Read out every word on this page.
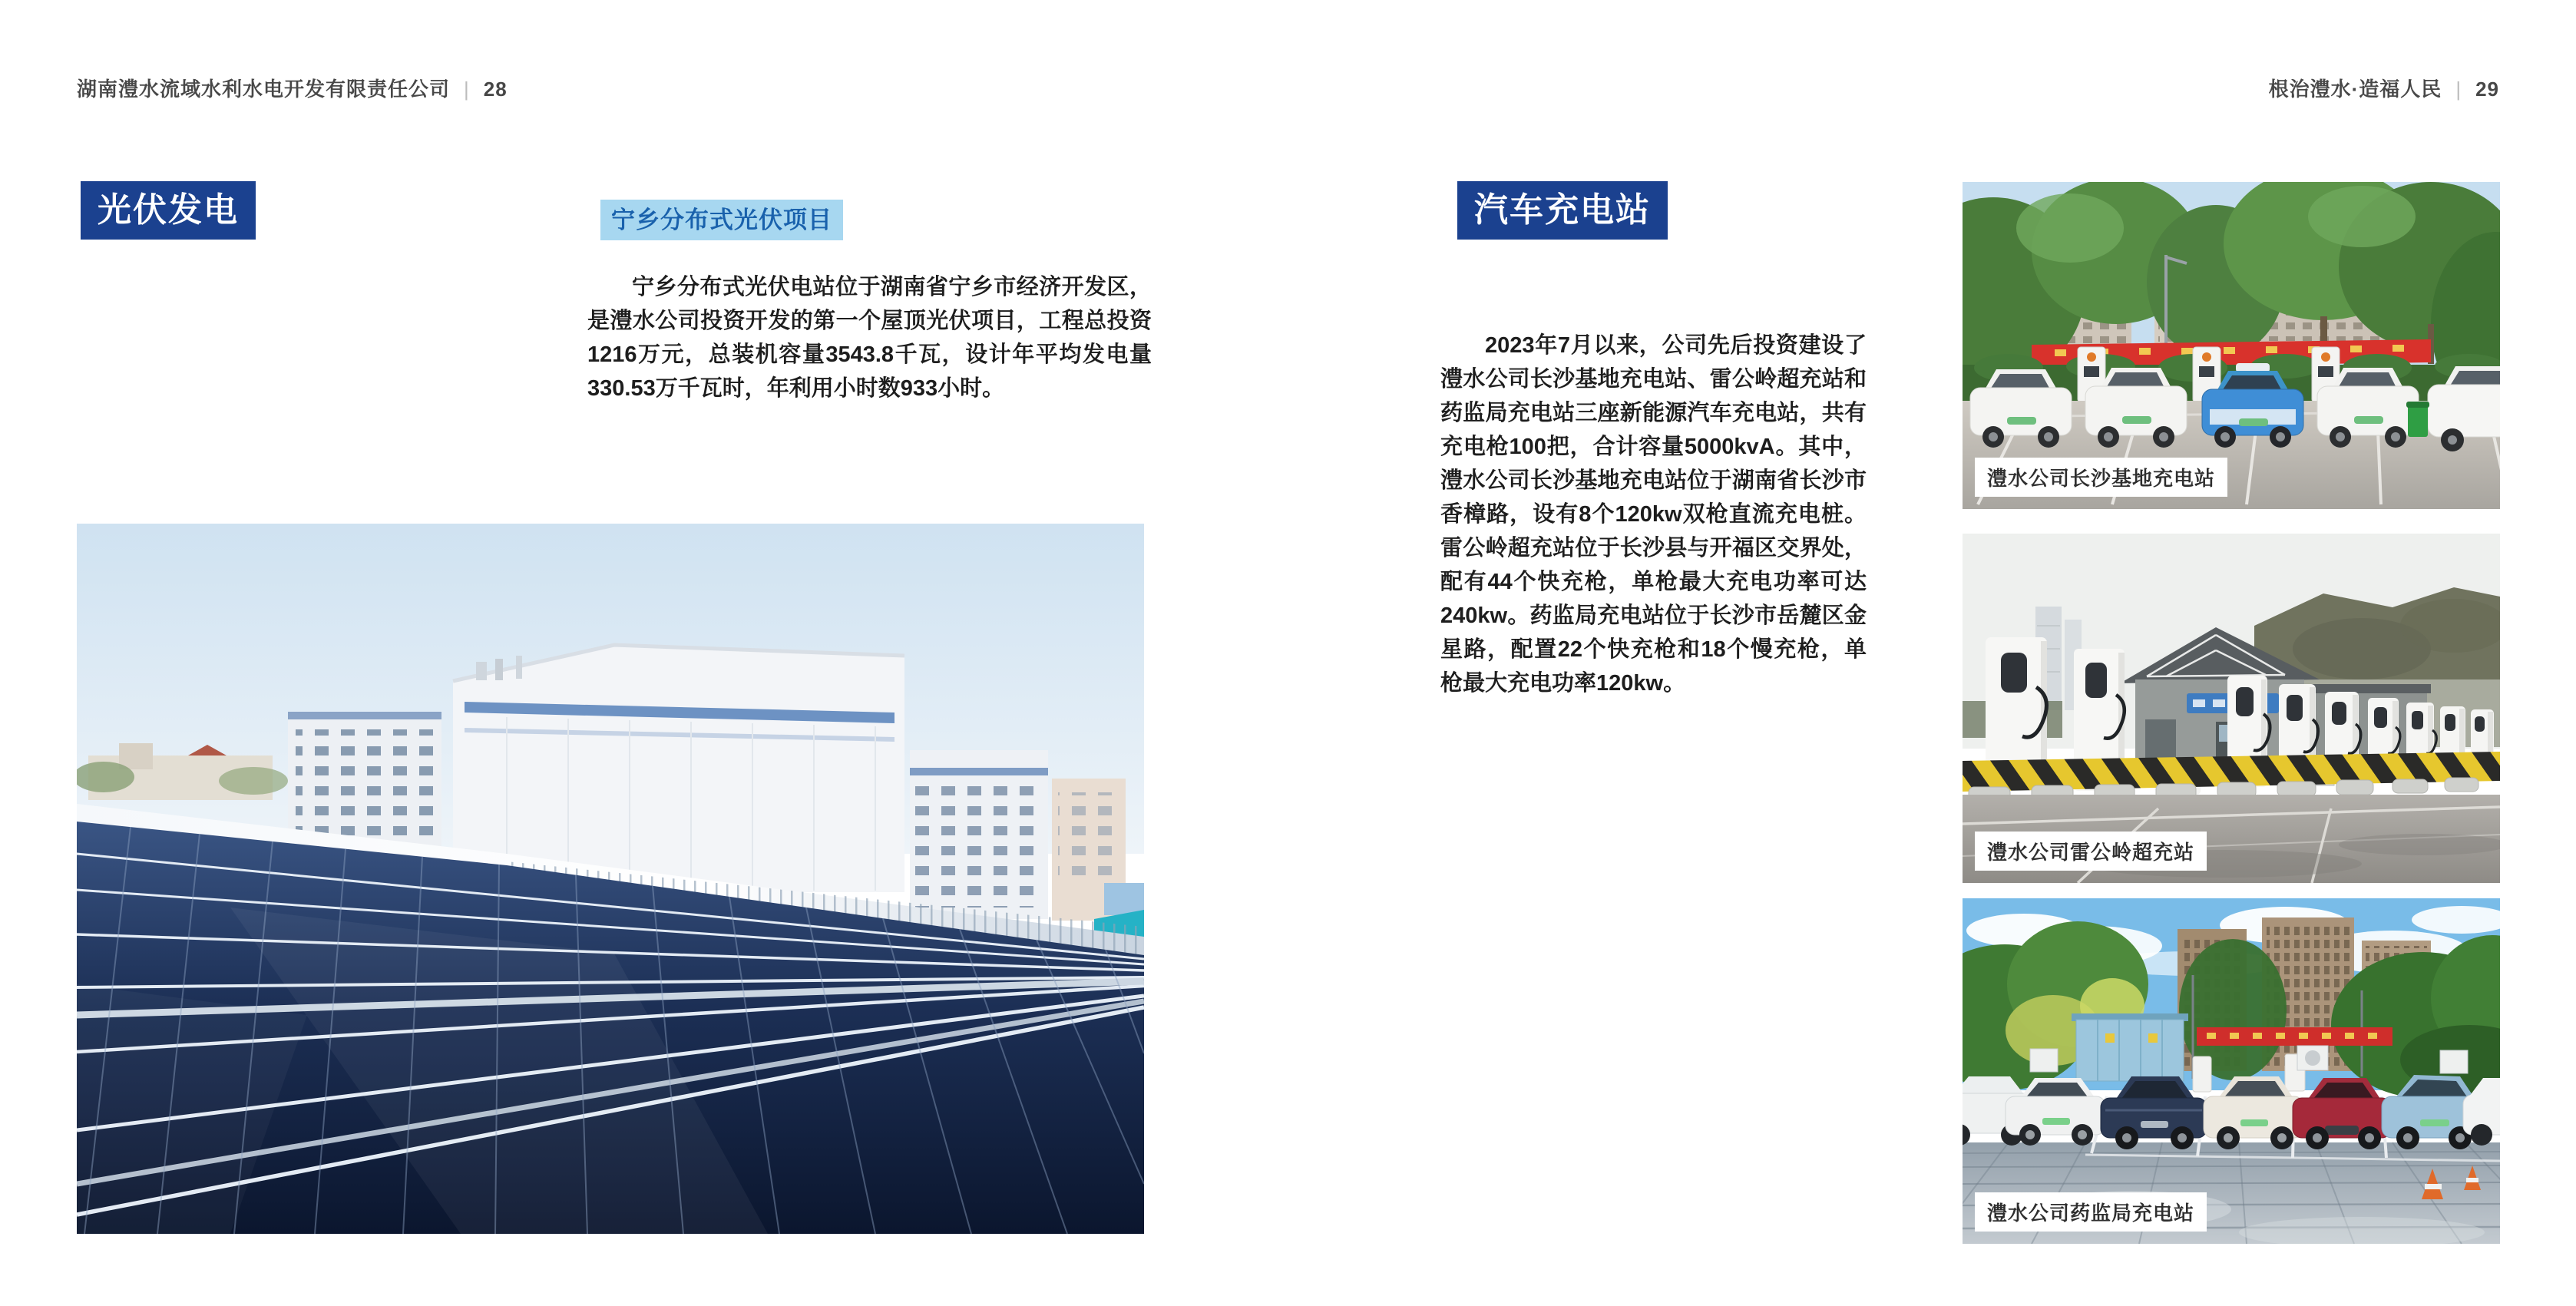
湖南澧水流域水利水电开发有限责任公司 | 28	根治澧水·造福人民 | 29
光伏发电	宁乡分布式光伏项目
宁乡分布式光伏电站位于湖南省宁乡市经济开发区，是澧水公司投资开发的第一个屋顶光伏项目，工程总投资1216万元，总装机容量3543.8千瓦，设计年平均发电量330.53万千瓦时，年利用小时数933小时。
汽车充电站
2023年7月以来，公司先后投资建设了澧水公司长沙基地充电站、雷公岭超充站和药监局充电站三座新能源汽车充电站，共有充电枪100把，合计容量5000kvA。其中，澧水公司长沙基地充电站位于湖南省长沙市香樟路，设有8个120kw双枪直流充电桩。雷公岭超充站位于长沙县与开福区交界处，配有44个快充枪，单枪最大充电功率可达240kw。药监局充电站位于长沙市岳麓区金星路，配置22个快充枪和18个慢充枪，单枪最大充电功率120kw。
澧水公司长沙基地充电站
澧水公司雷公岭超充站
澧水公司药监局充电站
